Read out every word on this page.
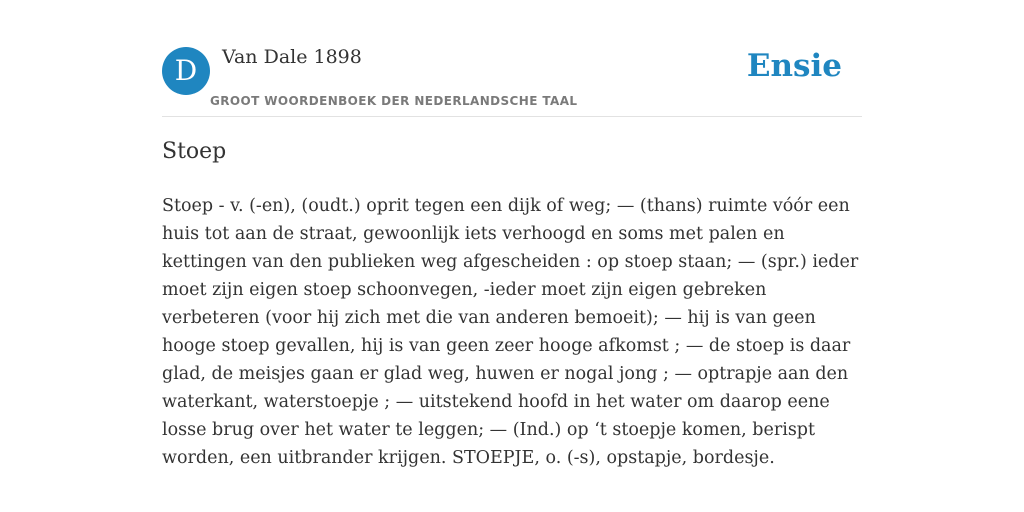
D	Van Dale 1898
GROOT WOORDENBOEK DER NEDERLANDSCHE TAAL
Ensie
Stoep
Stoep - v. (-en), (oudt.) oprit tegen een dijk of weg; — (thans) ruimte vóór een huis tot aan de straat, gewoonlijk iets verhoogd en soms met palen en kettingen van den publieken weg afgescheiden : op stoep staan; — (spr.) ieder moet zijn eigen stoep schoonvegen, -ieder moet zijn eigen gebreken verbeteren (voor hij zich met die van anderen bemoeit); — hij is van geen hooge stoep gevallen, hij is van geen zeer hooge afkomst ; — de stoep is daar glad, de meisjes gaan er glad weg, huwen er nogal jong ; — optrapje aan den waterkant, waterstoepje ; — uitstekend hoofd in het water om daarop eene losse brug over het water te leggen; — (Ind.) op ‘t stoepje komen, berispt worden, een uitbrander krijgen. STOEPJE, o. (-s), opstapje, bordesje.
